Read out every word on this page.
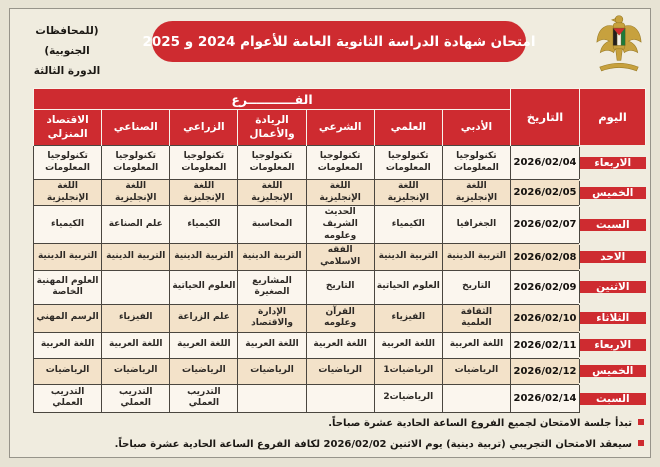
(للمحافظات الجنوبية)
الدورة الثالثة
امتحان شهادة الدراسة الثانوية العامة للأعوام 2024 و 2025
اليوم	التاريخ	الفـــــــــــرع						
		الأدبي	العلمي	الشرعي	الريادة والأعمال	الزراعي	الصناعي	الاقتصاد المنزلي

الاربعاء	2026/02/04	تكنولوجيا المعلومات	تكنولوجيا المعلومات	تكنولوجيا المعلومات	تكنولوجيا المعلومات	تكنولوجيا المعلومات	تكنولوجيا المعلومات	تكنولوجيا المعلومات

الخميس	2026/02/05	اللغة الإنجليزية	اللغة الإنجليزية	اللغة الإنجليزية	اللغة الإنجليزية	اللغة الإنجليزية	اللغة الإنجليزية	اللغة الإنجليزية

السبت	2026/02/07	الجغرافيا	الكيمياء	الحديث الشريف وعلومه	المحاسبة	الكيمياء	علم الصناعة	الكيمياء

الاحد	2026/02/08	التربية الدينية	التربية الدينية	الفقه الاسلامي	التربية الدينية	التربية الدينية	التربية الدينية	التربية الدينية

الاثنين	2026/02/09	التاريخ	العلوم الحياتية	التاريخ	المشاريع الصغيرة	العلوم الحياتية		العلوم المهنية الخاصة

الثلاثاء	2026/02/10	الثقافة العلمية	الفيزياء	القرآن وعلومه	الإدارة والاقتصاد	علم الزراعة	الفيزياء	الرسم المهني

الاربعاء	2026/02/11	اللغة العربية	اللغة العربية	اللغة العربية	اللغة العربية	اللغة العربية	اللغة العربية	اللغة العربية

الخميس	2026/02/12	الرياضيات	الرياضيات1	الرياضيات	الرياضيات	الرياضيات	الرياضيات	الرياضيات

السبت	2026/02/14		الرياضيات2			التدريب العملي	التدريب العملي	التدريب العملي
تبدأ جلسة الامتحان لجميع الفروع الساعة الحادية عشرة صباحاً.
سيعقد الامتحان التجريبي (تربية دينية) يوم الاثنين 2026/02/02 لكافة الفروع الساعة الحادية عشرة صباحاً.
